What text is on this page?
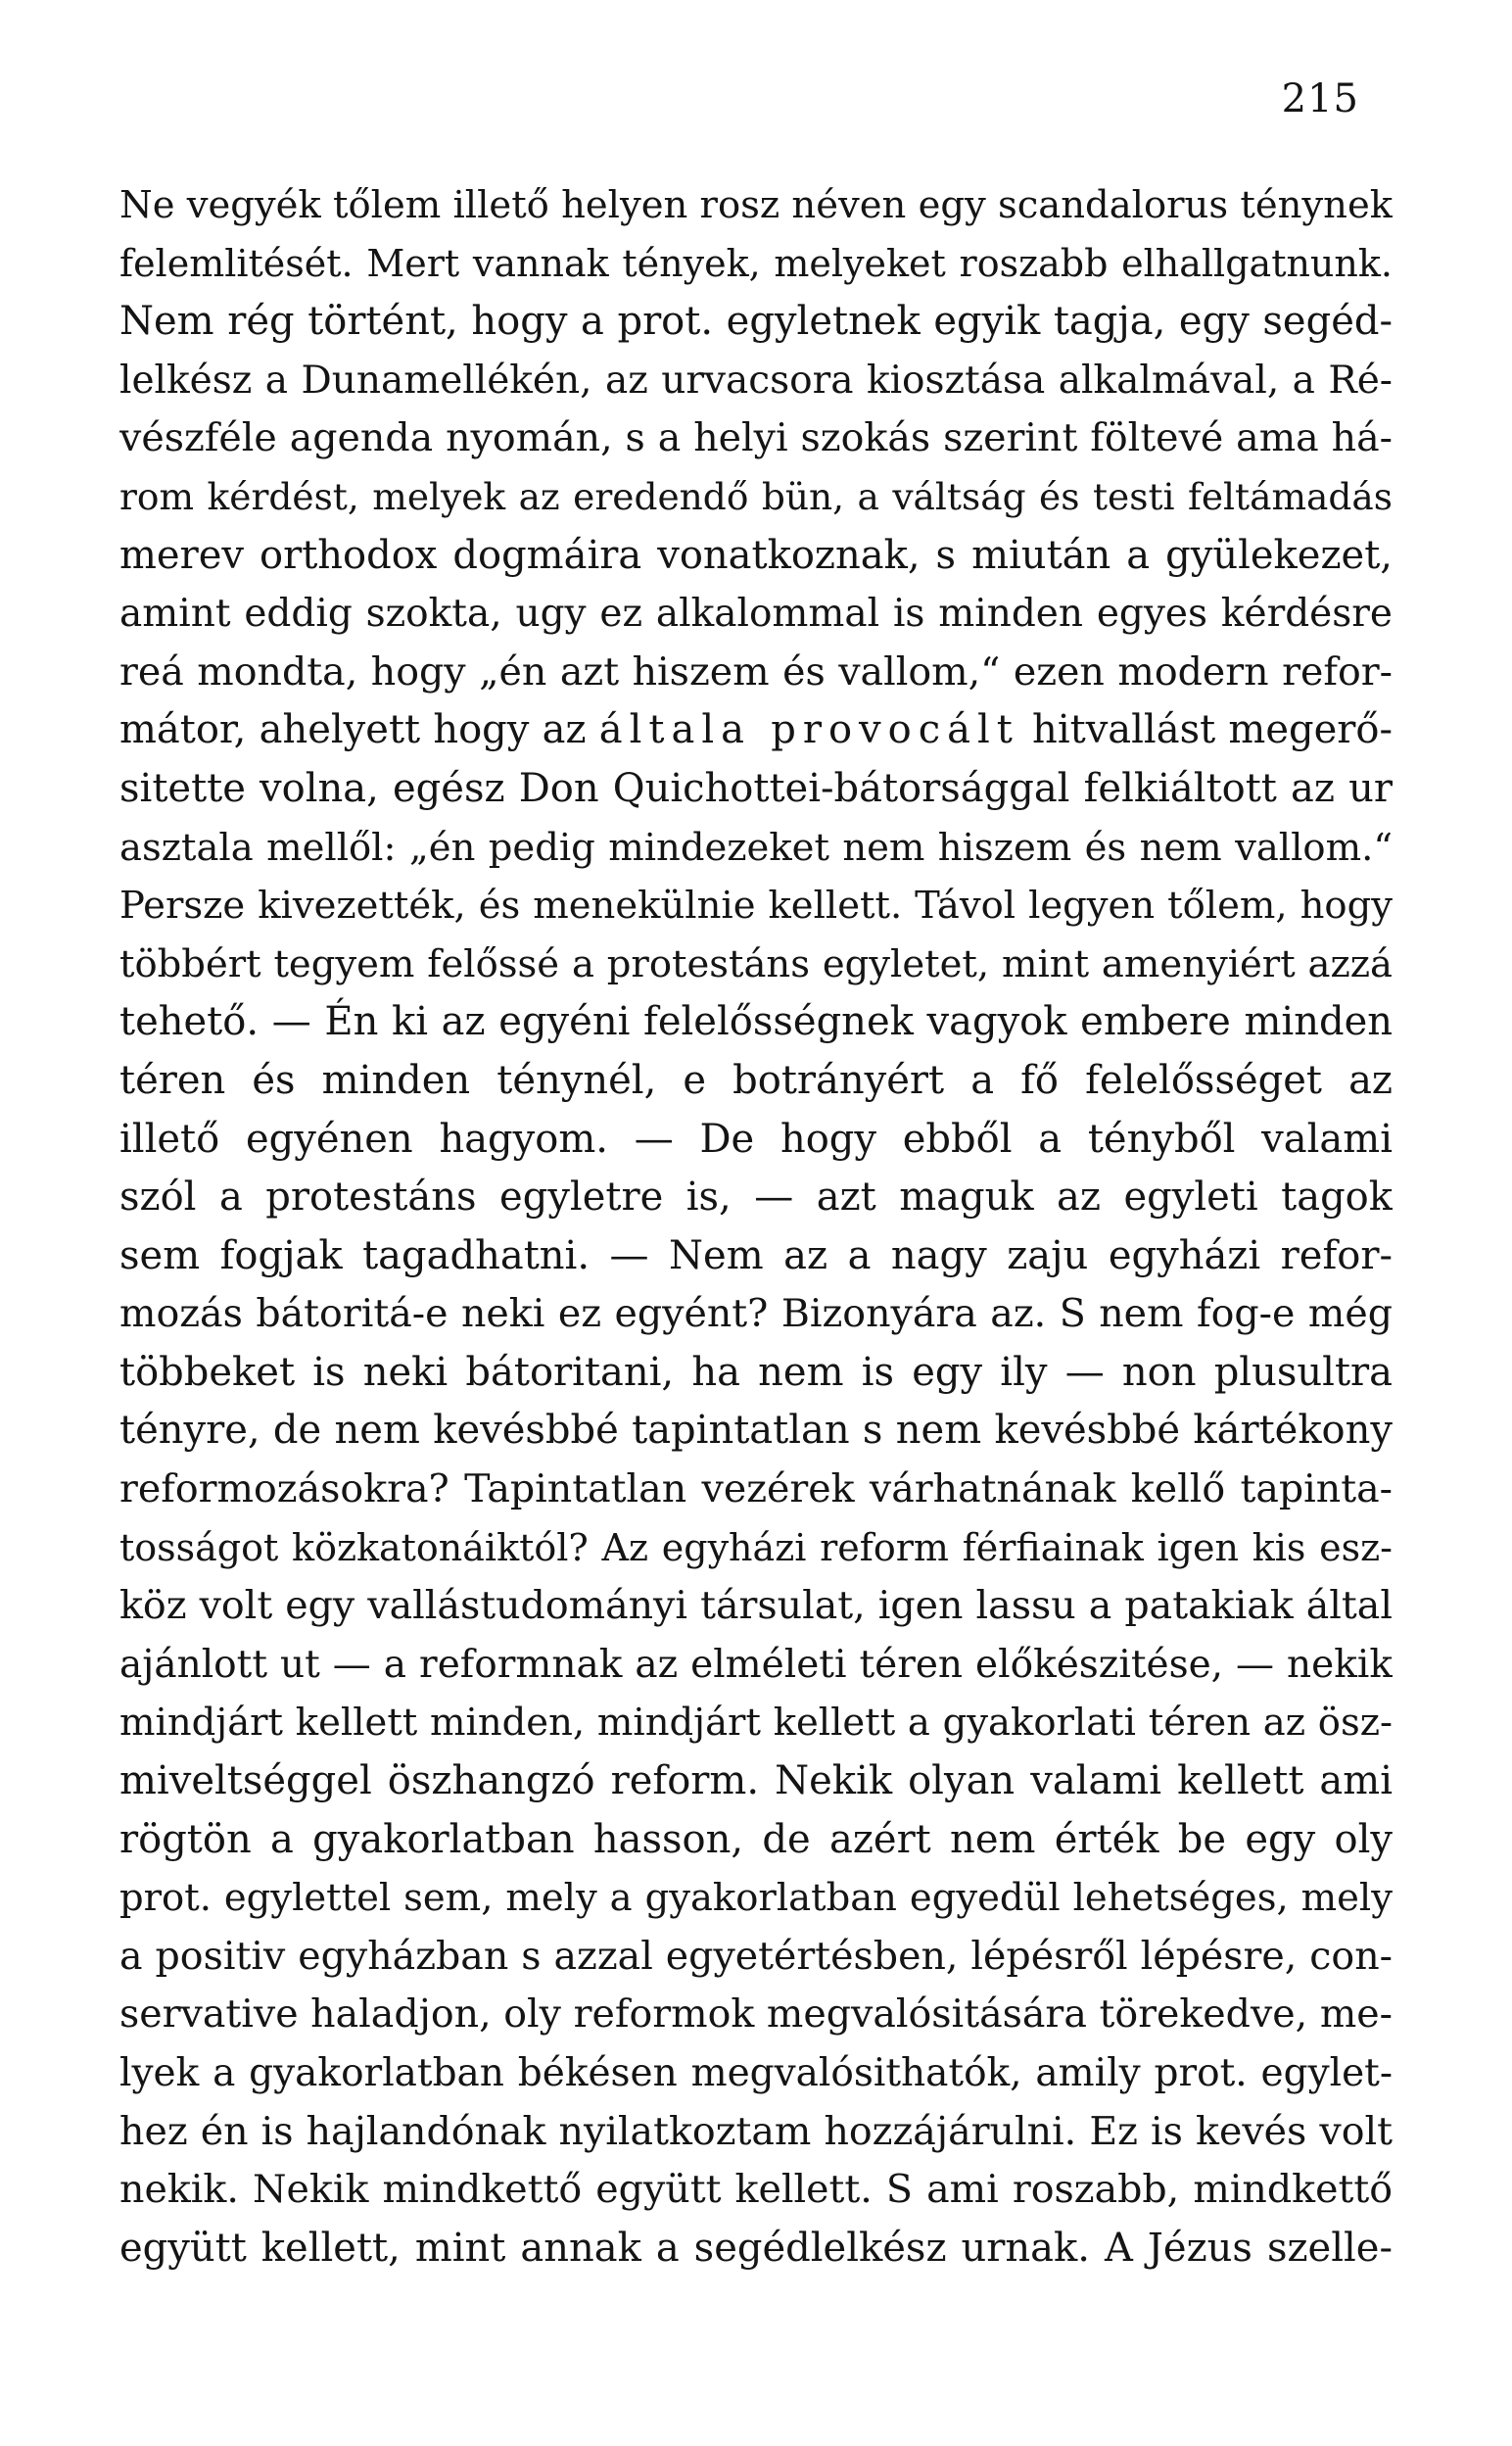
215

Ne vegyék tőlem illető helyen rosz néven egy scandalorus ténynek
felemlitését. Mert vannak tények, melyeket roszabb elhallgatnunk.
Nem rég történt, hogy a prot. egyletnek egyik tagja, egy segéd-
lelkész a Dunamellékén, az urvacsora kiosztása alkalmával, a Ré-
vészféle agenda nyomán, s a helyi szokás szerint föltevé ama há-
rom kérdést, melyek az eredendő bün, a váltság és testi feltámadás
merev orthodox dogmáira vonatkoznak, s miután a gyülekezet,
amint eddig szokta, ugy ez alkalommal is minden egyes kérdésre
reá mondta, hogy „én azt hiszem és vallom,“ ezen modern refor-
mátor, ahelyett hogy az általa provocált hitvallást megerő-
sitette volna, egész Don Quichottei-bátorsággal felkiáltott az ur
asztala mellől: „én pedig mindezeket nem hiszem és nem vallom.“
Persze kivezették, és menekülnie kellett. Távol legyen tőlem, hogy
többért tegyem felőssé a protestáns egyletet, mint amenyiért azzá
tehető. — Én ki az egyéni felelősségnek vagyok embere minden
téren és minden ténynél, e botrányért a fő felelősséget az
illető egyénen hagyom. — De hogy ebből a tényből valami
szól a protestáns egyletre is, — azt maguk az egyleti tagok
sem fogjak tagadhatni. — Nem az a nagy zaju egyházi refor-
mozás bátoritá-e neki ez egyént? Bizonyára az. S nem fog-e még
többeket is neki bátoritani, ha nem is egy ily — non plusultra
tényre, de nem kevésbbé tapintatlan s nem kevésbbé kártékony
reformozásokra? Tapintatlan vezérek várhatnának kellő tapinta-
tosságot közkatonáiktól? Az egyházi reform férfiainak igen kis esz-
köz volt egy vallástudományi társulat, igen lassu a patakiak által
ajánlott ut — a reformnak az elméleti téren előkészitése, — nekik
mindjárt kellett minden, mindjárt kellett a gyakorlati téren az ösz-
miveltséggel öszhangzó reform. Nekik olyan valami kellett ami
rögtön a gyakorlatban hasson, de azért nem érték be egy oly
prot. egylettel sem, mely a gyakorlatban egyedül lehetséges, mely
a positiv egyházban s azzal egyetértésben, lépésről lépésre, con-
servative haladjon, oly reformok megvalósitására törekedve, me-
lyek a gyakorlatban békésen megvalósithatók, amily prot. egylet-
hez én is hajlandónak nyilatkoztam hozzájárulni. Ez is kevés volt
nekik. Nekik mindkettő együtt kellett. S ami roszabb, mindkettő
együtt kellett, mint annak a segédlelkész urnak. A Jézus szelle-
